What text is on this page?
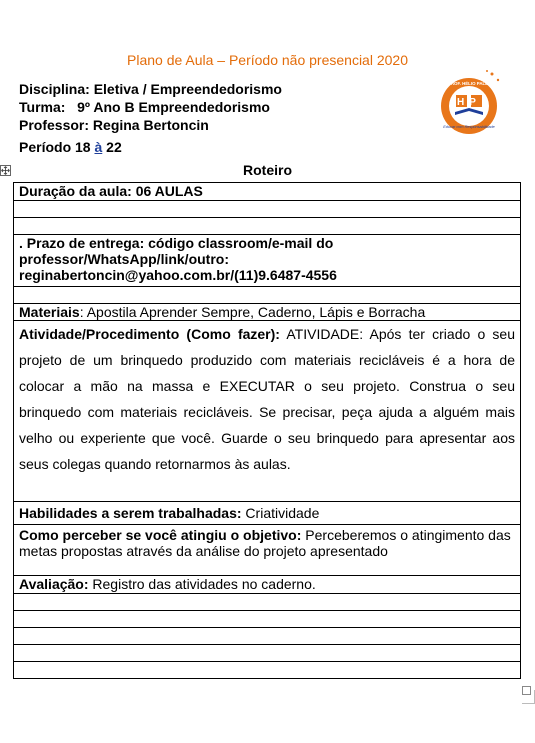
Plano de Aula – Período não presencial 2020
Disciplina: Eletiva / Empreendedorismo
Turma: 9º Ano B Empreendedorismo
Professor: Regina Bertoncin
Período 18 à 22
HP
E.E.PROF. HÉLIO PALERMO
Educar com Responsabilidade
Roteiro
Duração da aula: 06 AULAS

. Prazo de entrega: código classroom/e-mail do
professor/WhatsApp/link/outro:
reginabertoncin@yahoo.com.br/(11)9.6487-4556

Materiais: Apostila Aprender Sempre, Caderno, Lápis e Borracha
Atividade/Procedimento (Como fazer): ATIVIDADE: Após ter criado o seu projeto de um brinquedo produzido com materiais recicláveis é a hora de colocar a mão na massa e EXECUTAR o seu projeto. Construa o seu brinquedo com materiais recicláveis. Se precisar, peça ajuda a alguém mais velho ou experiente que você. Guarde o seu brinquedo para apresentar aos seus colegas quando retornarmos às aulas.
Habilidades a serem trabalhadas: Criatividade
Como perceber se você atingiu o objetivo: Perceberemos o atingimento das metas propostas através da análise do projeto apresentado
Avaliação: Registro das atividades no caderno.
